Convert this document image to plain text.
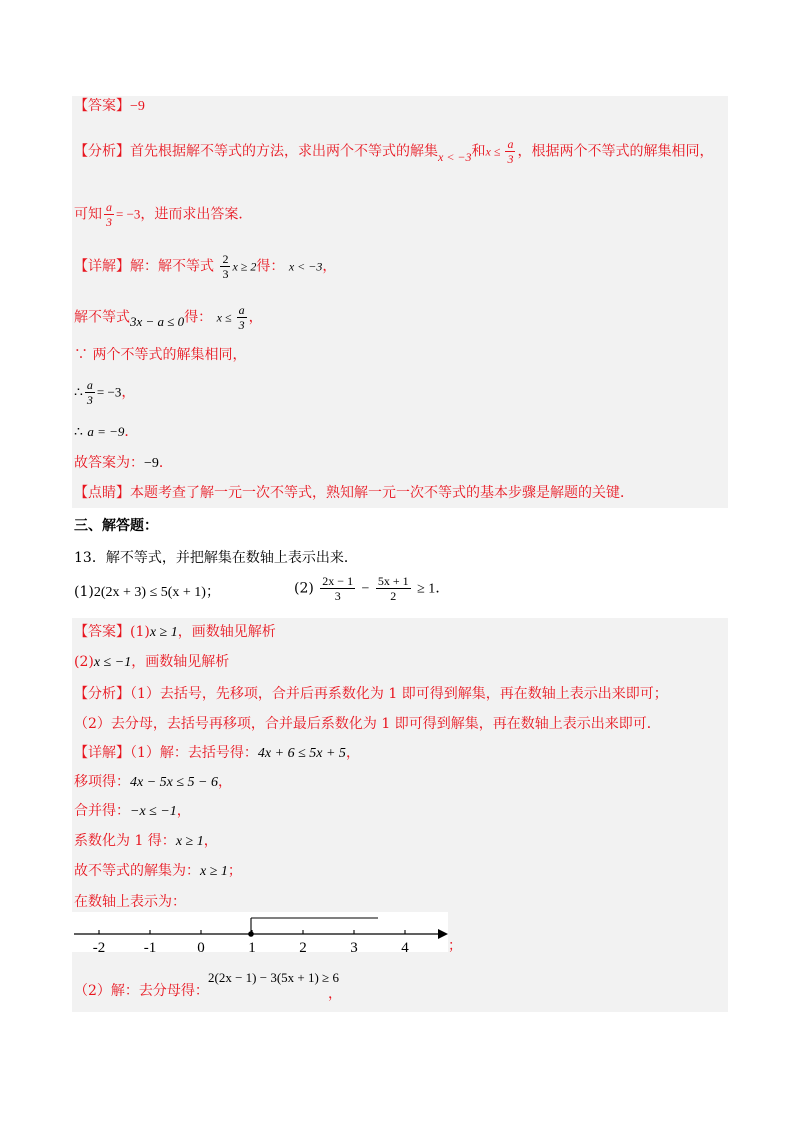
【答案】−9
【分析】首先根据解不等式的方法，求出两个不等式的解集x < −3和$x \le \frac{a}{3}$ ，根据两个不等式的解集相同，
可知 $\frac{a}{3} = -3$，进而求出答案．
【详解】解：解不等式 $\frac{2}{3}$ x ≥ 2得： x < −3，
解不等式3x − a ≤ 0得： $x \le \frac{a}{3}$ ，
∵ 两个不等式的解集相同，
∴ $\frac{a}{3} = -3$，
∴ a = −9．
故答案为：−9．
【点睛】本题考查了解一元一次不等式，熟知解一元一次不等式的基本步骤是解题的关键．
三、解答题：
13．解不等式，并把解集在数轴上表示出来．
(1)2(2x + 3) ≤ 5(x + 1)；	$(2) \frac{2x - 1}{3} - \frac{5x + 1}{2} \ge 1$．
【答案】(1)x ≥ 1，画数轴见解析
(2)x ≤ −1，画数轴见解析
【分析】（1）去括号，先移项，合并后再系数化为 1 即可得到解集，再在数轴上表示出来即可；
（2）去分母，去括号再移项，合并最后系数化为 1 即可得到解集，再在数轴上表示出来即可．
【详解】（1）解：去括号得：4x + 6 ≤ 5x + 5，
移项得：4x − 5x ≤ 5 − 6，
合并得：−x ≤ −1，
系数化为 1 得：x ≥ 1，
故不等式的解集为：x ≥ 1；
在数轴上表示为：
-2	-1	0	1	2	3	4	；
（2）解：去分母得：
2(2x − 1) − 3(5x + 1) ≥ 6
，
